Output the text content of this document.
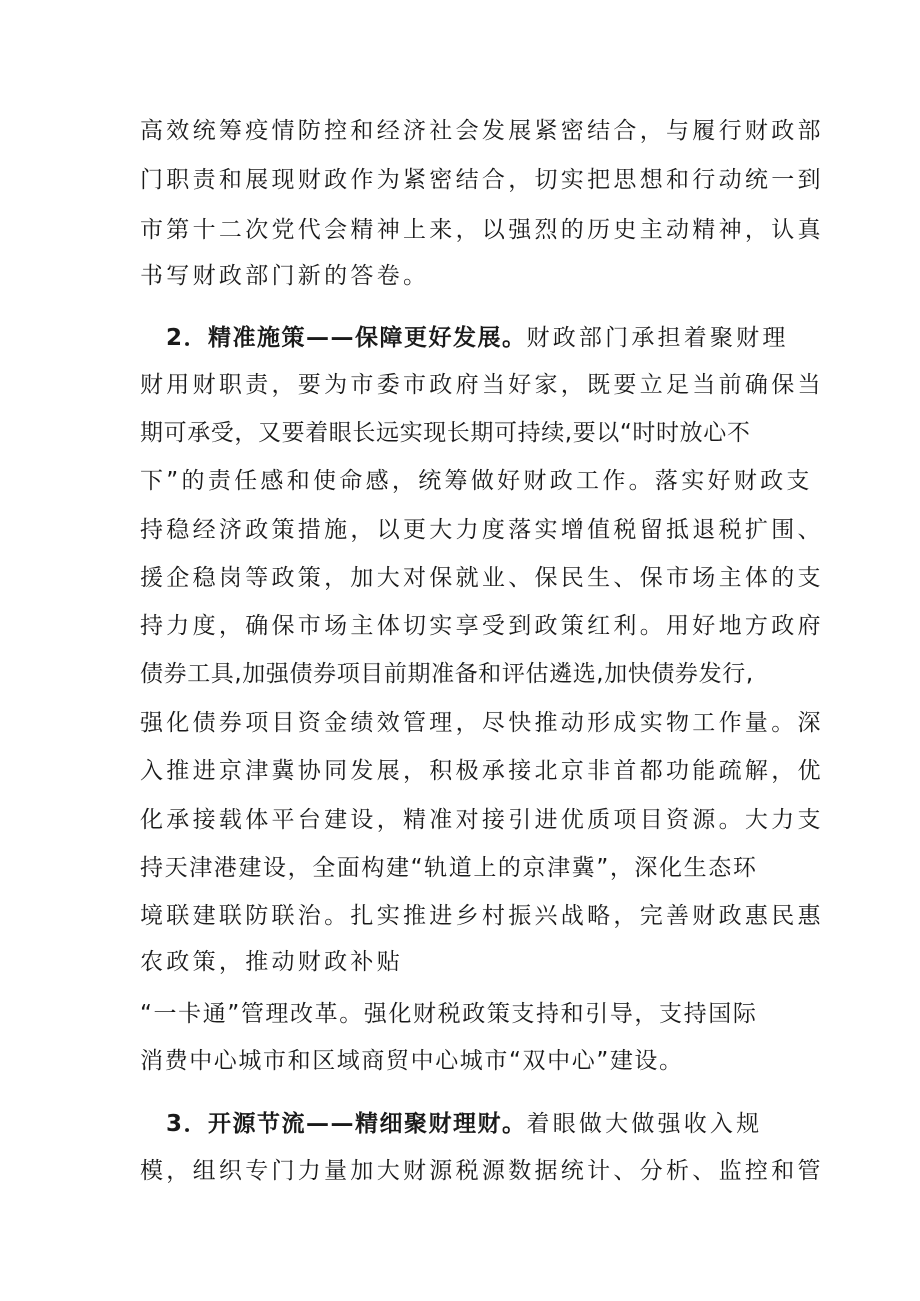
高效统筹疫情防控和经济社会发展紧密结合，与履行财政部
门职责和展现财政作为紧密结合，切实把思想和行动统一到
市第十二次党代会精神上来，以强烈的历史主动精神，认真
书写财政部门新的答卷。
2．精准施策——保障更好发展。财政部门承担着聚财理
财用财职责，要为市委市政府当好家，既要立足当前确保当
期可承受，又要着眼长远实现长期可持续,要以“时时放心不
下”的责任感和使命感，统筹做好财政工作。落实好财政支
持稳经济政策措施，以更大力度落实增值税留抵退税扩围、
援企稳岗等政策，加大对保就业、保民生、保市场主体的支
持力度，确保市场主体切实享受到政策红利。用好地方政府
债券工具,加强债券项目前期准备和评估遴选,加快债券发行,
强化债券项目资金绩效管理，尽快推动形成实物工作量。深
入推进京津冀协同发展，积极承接北京非首都功能疏解，优
化承接载体平台建设，精准对接引进优质项目资源。大力支
持天津港建设，全面构建“轨道上的京津冀”，深化生态环
境联建联防联治。扎实推进乡村振兴战略，完善财政惠民惠
农政策，推动财政补贴
“一卡通”管理改革。强化财税政策支持和引导，支持国际
消费中心城市和区域商贸中心城市“双中心”建设。
3．开源节流——精细聚财理财。着眼做大做强收入规
模，组织专门力量加大财源税源数据统计、分析、监控和管
